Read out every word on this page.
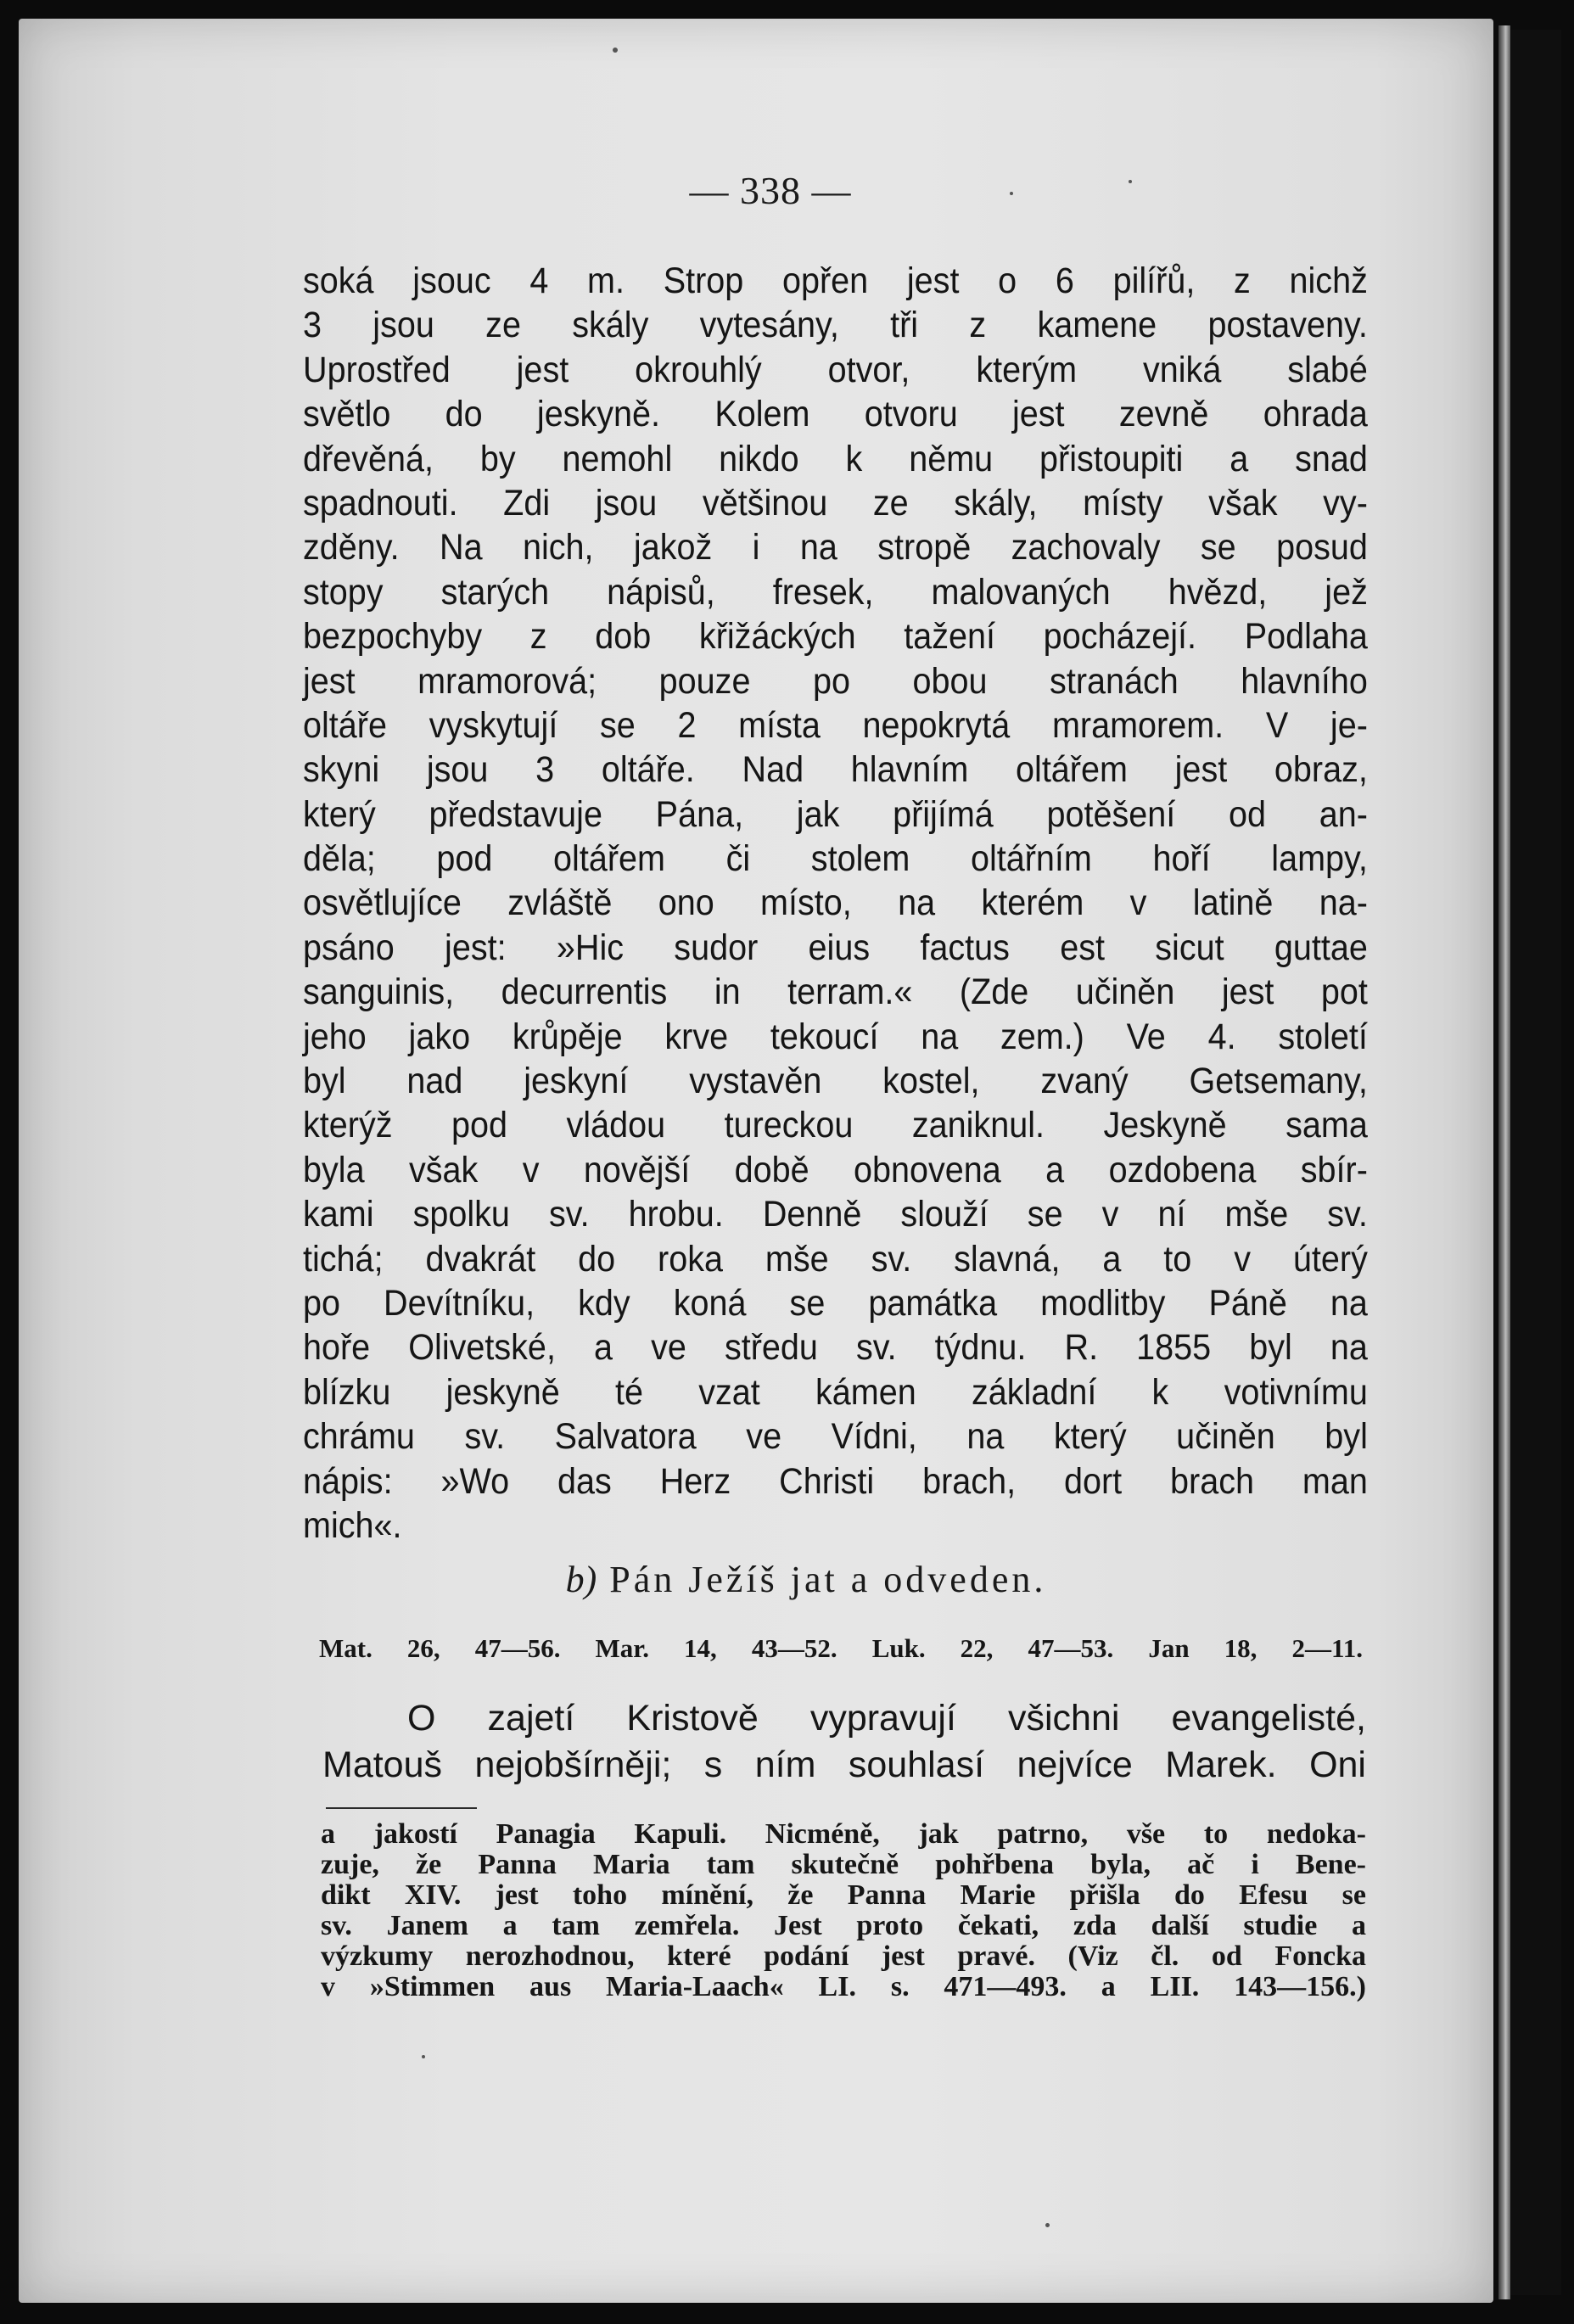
— 338 —
soká jsouc 4 m. Strop opřen jest o 6 pilířů, z nichž
3 jsou ze skály vytesány, tři z kamene postaveny.
Uprostřed jest okrouhlý otvor, kterým vniká slabé
světlo do jeskyně. Kolem otvoru jest zevně ohrada
dřevěná, by nemohl nikdo k němu přistoupiti a snad
spadnouti. Zdi jsou většinou ze skály, místy však vy-
zděny. Na nich, jakož i na stropě zachovaly se posud
stopy starých nápisů, fresek, malovaných hvězd, jež
bezpochyby z dob křižáckých tažení pocházejí. Podlaha
jest mramorová; pouze po obou stranách hlavního
oltáře vyskytují se 2 místa nepokrytá mramorem. V je-
skyni jsou 3 oltáře. Nad hlavním oltářem jest obraz,
který představuje Pána, jak přijímá potěšení od an-
děla; pod oltářem či stolem oltářním hoří lampy,
osvětlujíce zvláště ono místo, na kterém v latině na-
psáno jest: »Hic sudor eius factus est sicut guttae
sanguinis, decurrentis in terram.« (Zde učiněn jest pot
jeho jako krůpěje krve tekoucí na zem.) Ve 4. století
byl nad jeskyní vystavěn kostel, zvaný Getsemany,
kterýž pod vládou tureckou zaniknul. Jeskyně sama
byla však v novější době obnovena a ozdobena sbír-
kami spolku sv. hrobu. Denně slouží se v ní mše sv.
tichá; dvakrát do roka mše sv. slavná, a to v úterý
po Devítníku, kdy koná se památka modlitby Páně na
hoře Olivetské, a ve středu sv. týdnu. R. 1855 byl na
blízku jeskyně té vzat kámen základní k votivnímu
chrámu sv. Salvatora ve Vídni, na který učiněn byl
nápis: »Wo das Herz Christi brach, dort brach man
mich«.
b) Pán Ježíš jat a odveden.
Mat. 26, 47—56. Mar. 14, 43—52. Luk. 22, 47—53. Jan 18, 2—11.
O zajetí Kristově vypravují všichni evangelisté,
Matouš nejobšírněji; s ním souhlasí nejvíce Marek. Oni
a jakostí Panagia Kapuli. Nicméně, jak patrno, vše to nedoka-
zuje, že Panna Maria tam skutečně pohřbena byla, ač i Bene-
dikt XIV. jest toho mínění, že Panna Marie přišla do Efesu se
sv. Janem a tam zemřela. Jest proto čekati, zda další studie a
výzkumy nerozhodnou, které podání jest pravé. (Viz čl. od Foncka
v »Stimmen aus Maria-Laach« LI. s. 471—493. a LII. 143—156.)
